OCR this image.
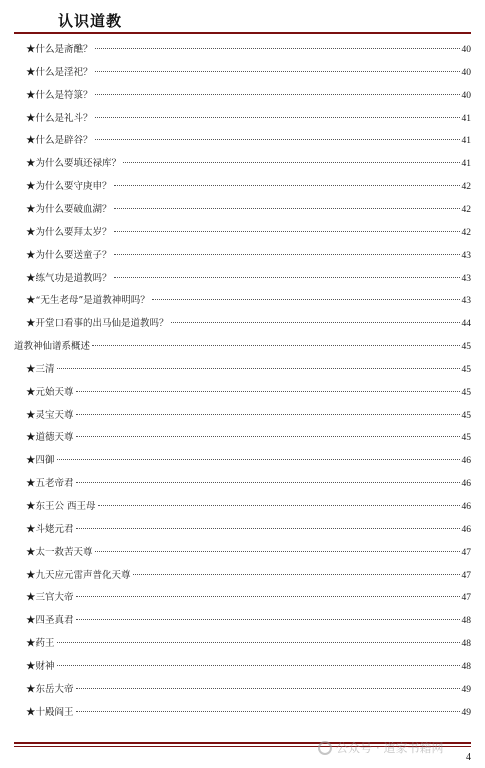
认识道教
★什么是斋醮？	40
★什么是淫祀？	40
★什么是符箓？	40
★什么是礼斗？	41
★什么是辟谷？	41
★为什么要填还禄库？	41
★为什么要守庚申？	42
★为什么要破血湖？	42
★为什么要拜太岁？	42
★为什么要送童子？	43
★练气功是道教吗？	43
★“无生老母”是道教神明吗？	43
★开堂口看事的出马仙是道教吗？	44
道教神仙谱系概述	45
★三清	45
★元始天尊	45
★灵宝天尊	45
★道德天尊	45
★四御	46
★五老帝君	46
★东王公 西王母	46
★斗姥元君	46
★太一救苦天尊	47
★九天应元雷声普化天尊	47
★三官大帝	47
★四圣真君	48
★药王	48
★财神	48
★东岳大帝	49
★十殿阎王	49
公众号 · 道家书籍网
4
